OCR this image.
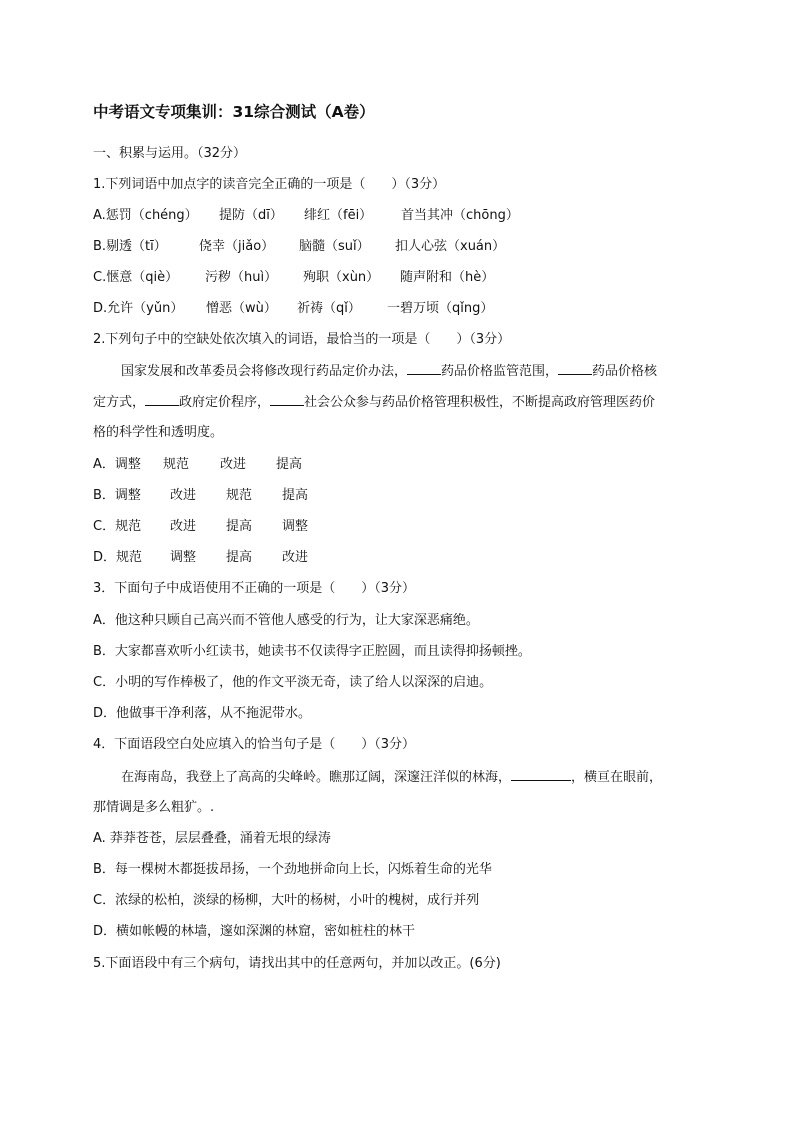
中考语文专项集训：31综合测试（A卷）
一、积累与运用。（32分）
1.下列词语中加点字的读音完全正确的一项是（　　）（3分）
A.惩罚（chéng） 提防（dī） 绯红（fēi） 首当其冲（chōng）
B.剔透（tī） 侥幸（jiǎo） 脑髓（suǐ） 扣人心弦（xuán）
C.惬意（qiè） 污秽（huì） 殉职（xùn） 随声附和（hè）
D.允许（yǔn） 憎恶（wù） 祈祷（qǐ） 一碧万顷（qǐng）
2.下列句子中的空缺处依次填入的词语，最恰当的一项是（　　）（3分）
国家发展和改革委员会将修改现行药品定价办法，	药品价格监管范围，	药品价格核
定方式，	政府定价程序，	社会公众参与药品价格管理积极性，不断提高政府管理医药价
格的科学性和透明度。
A．调整 规范 改进 提高
B．调整 改进 规范 提高
C．规范 改进 提高 调整
D．规范 调整 提高 改进
3．下面句子中成语使用不正确的一项是（　　）（3分）
A．他这种只顾自己高兴而不管他人感受的行为，让大家深恶痛绝。
B．大家都喜欢听小红读书，她读书不仅读得字正腔圆，而且读得抑扬顿挫。
C．小明的写作棒极了，他的作文平淡无奇，读了给人以深深的启迪。
D．他做事干净利落，从不拖泥带水。
4．下面语段空白处应填入的恰当句子是（　　）（3分）
在海南岛，我登上了高高的尖峰岭。瞧那辽阔，深邃汪洋似的林海，	，横亘在眼前，
那情调是多么粗犷。.
A. 莽莽苍苍，层层叠叠，涌着无垠的绿涛
B．每一棵树木都挺拔昂扬，一个劲地拼命向上长，闪烁着生命的光华
C．浓绿的松柏，淡绿的杨柳，大叶的杨树，小叶的槐树，成行并列
D．横如帐幔的林墙，邃如深渊的林窟，密如桩柱的林干
5.下面语段中有三个病句，请找出其中的任意两句，并加以改正。(6分)
